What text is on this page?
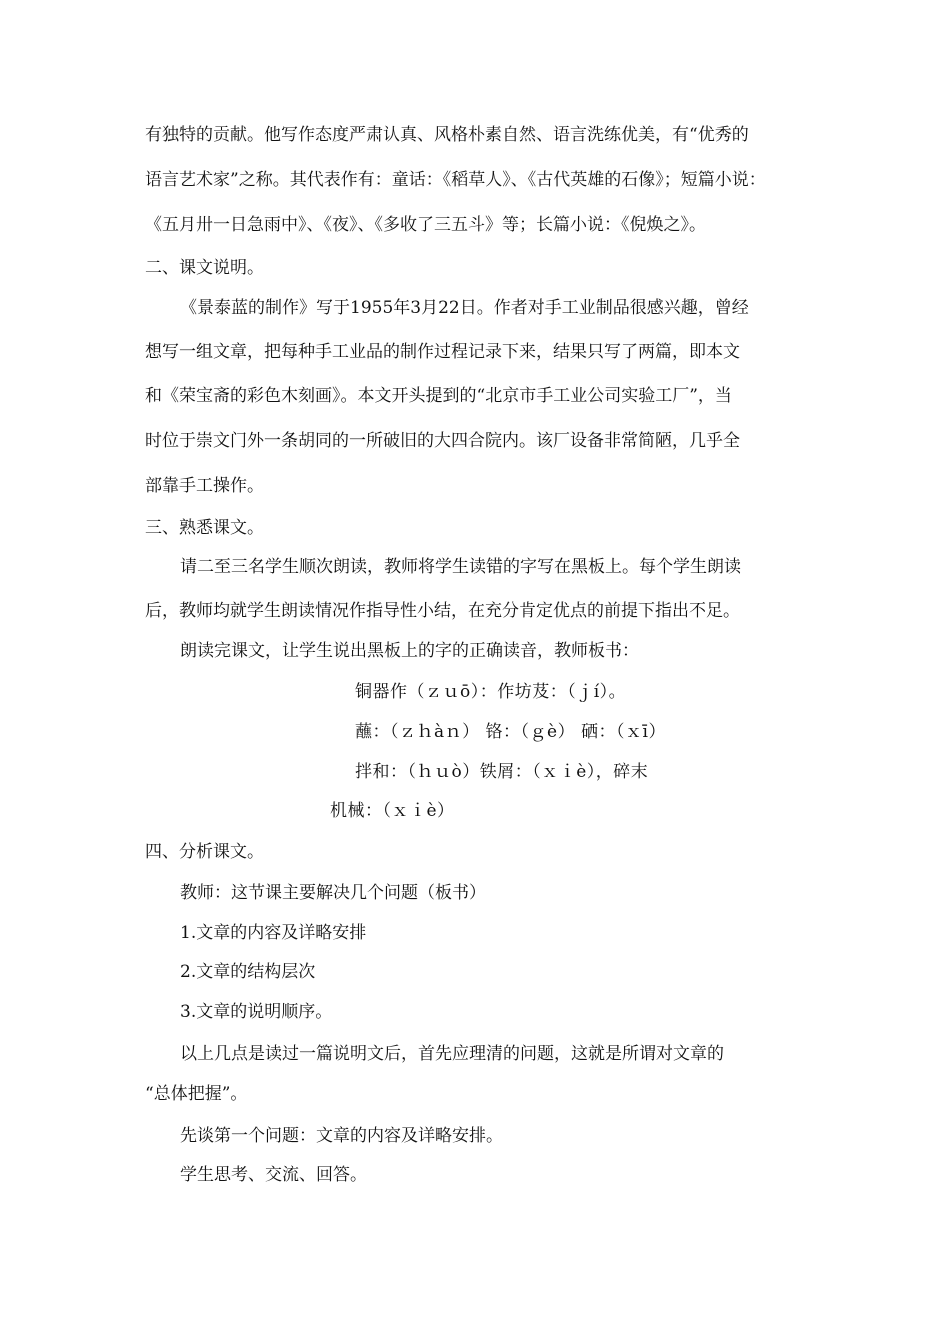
有独特的贡献。他写作态度严肃认真、风格朴素自然、语言洗练优美，有“优秀的
语言艺术家”之称。其代表作有：童话：《稻草人》、《古代英雄的石像》；短篇小说：
《五月卅一日急雨中》、《夜》、《多收了三五斗》等；长篇小说：《倪焕之》。
二、课文说明。
《景泰蓝的制作》写于1955年3月22日。作者对手工业制品很感兴趣，曾经
想写一组文章，把每种手工业品的制作过程记录下来，结果只写了两篇，即本文
和《荣宝斋的彩色木刻画》。本文开头提到的“北京市手工业公司实验工厂”，当
时位于崇文门外一条胡同的一所破旧的大四合院内。该厂设备非常简陋，几乎全
部靠手工操作。
三、熟悉课文。
请二至三名学生顺次朗读，教师将学生读错的字写在黑板上。每个学生朗读
后，教师均就学生朗读情况作指导性小结，在充分肯定优点的前提下指出不足。
朗读完课文，让学生说出黑板上的字的正确读音，教师板书：
铜器作（ｚｕō）：作坊芨：（ｊí）。
蘸：（ｚｈàｎ） 铬：（ｇè） 硒：（ｘī）
拌和：（ｈｕò）铁屑：（ｘｉè），碎末
机械：（ｘｉè）
四、分析课文。
教师：这节课主要解决几个问题（板书）
1.文章的内容及详略安排
2.文章的结构层次
3.文章的说明顺序。
以上几点是读过一篇说明文后，首先应理清的问题，这就是所谓对文章的
“总体把握”。
先谈第一个问题：文章的内容及详略安排。
学生思考、交流、回答。
